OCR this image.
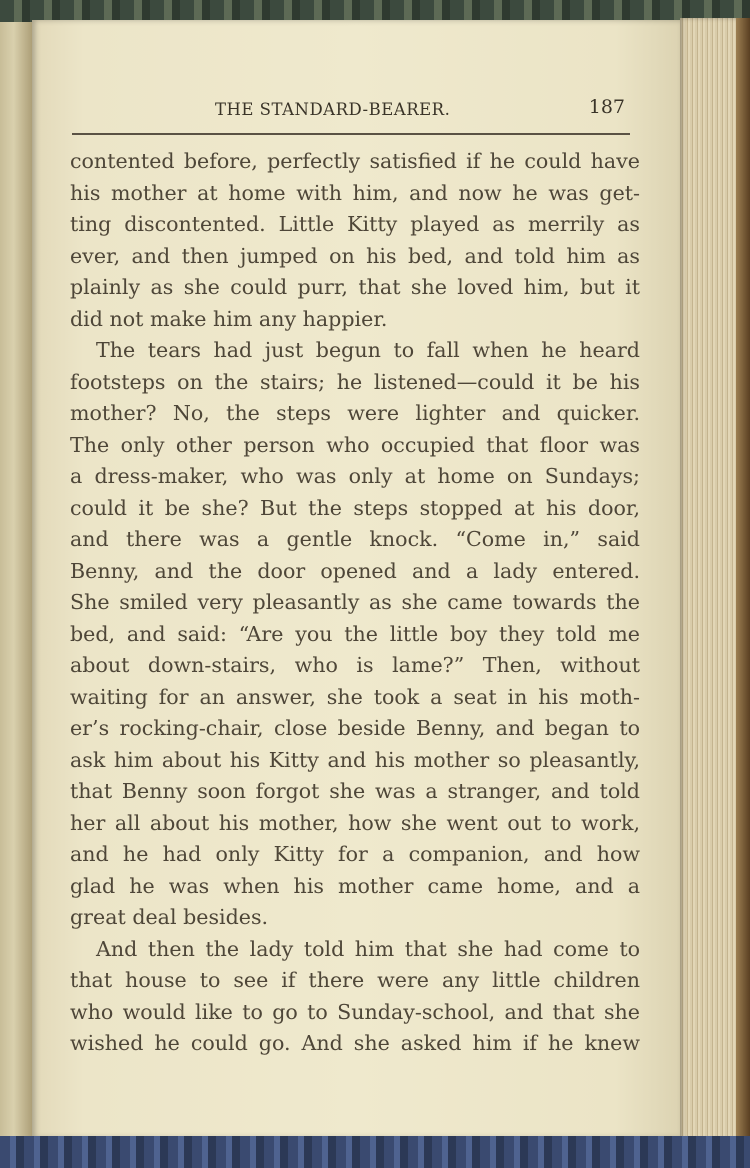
THE STANDARD-BEARER.	187
contented before, perfectly satisfied if he could have
his mother at home with him, and now he was get-
ting discontented. Little Kitty played as merrily as
ever, and then jumped on his bed, and told him as
plainly as she could purr, that she loved him, but it
did not make him any happier.
The tears had just begun to fall when he heard
footsteps on the stairs; he listened—could it be his
mother? No, the steps were lighter and quicker.
The only other person who occupied that floor was
a dress-maker, who was only at home on Sundays;
could it be she? But the steps stopped at his door,
and there was a gentle knock. “Come in,” said
Benny, and the door opened and a lady entered.
She smiled very pleasantly as she came towards the
bed, and said: “Are you the little boy they told me
about down-stairs, who is lame?” Then, without
waiting for an answer, she took a seat in his moth-
er’s rocking-chair, close beside Benny, and began to
ask him about his Kitty and his mother so pleasantly,
that Benny soon forgot she was a stranger, and told
her all about his mother, how she went out to work,
and he had only Kitty for a companion, and how
glad he was when his mother came home, and a
great deal besides.
And then the lady told him that she had come to
that house to see if there were any little children
who would like to go to Sunday-school, and that she
wished he could go. And she asked him if he knew
